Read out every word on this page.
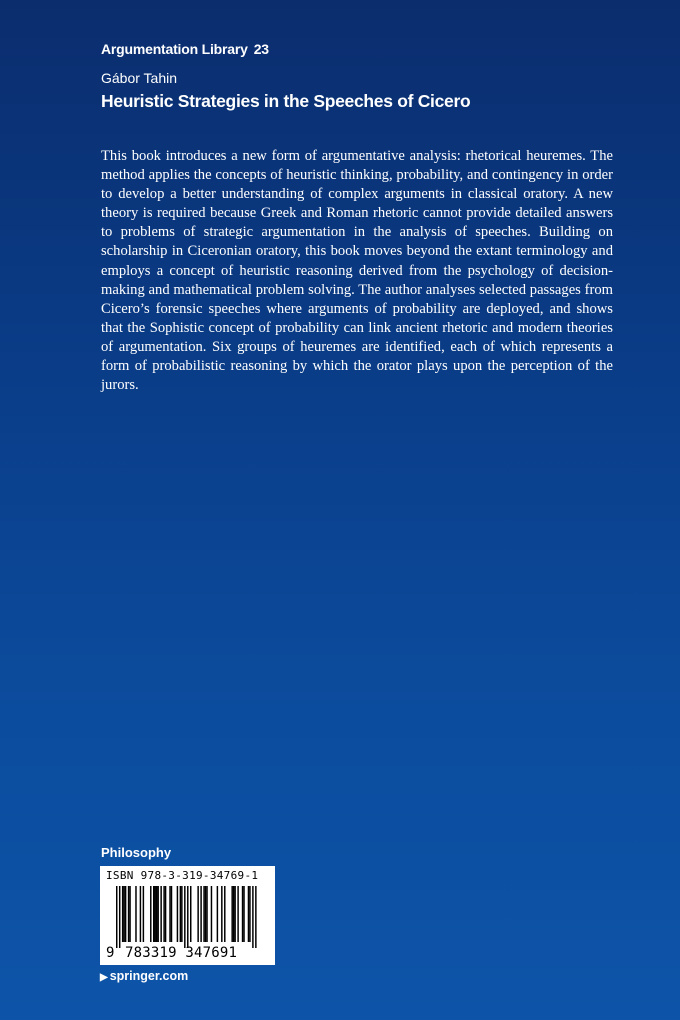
Argumentation Library 23
Gábor Tahin
Heuristic Strategies in the Speeches of Cicero

This book introduces a new form of argumentative analysis: rhetorical heuremes. The method applies the concepts of heuristic thinking, probability, and contingency in order to develop a better understanding of complex arguments in classical oratory. A new theory is required because Greek and Roman rhetoric cannot provide detailed answers to problems of strategic argumentation in the analysis of speeches. Building on scholarship in Ciceronian oratory, this book moves beyond the extant terminology and employs a concept of heuristic reasoning derived from the psychology of decision-making and mathematical problem solving. The author analyses selected passages from Cicero’s forensic speeches where arguments of probability are deployed, and shows that the Sophistic concept of probability can link ancient rhetoric and modern theories of argumentation. Six groups of heuremes are identified, each of which represents a form of probabilistic reasoning by which the orator plays upon the perception of the jurors.

Philosophy
ISBN 978-3-319-34769-1
9 783319 347691
▶ springer.com
